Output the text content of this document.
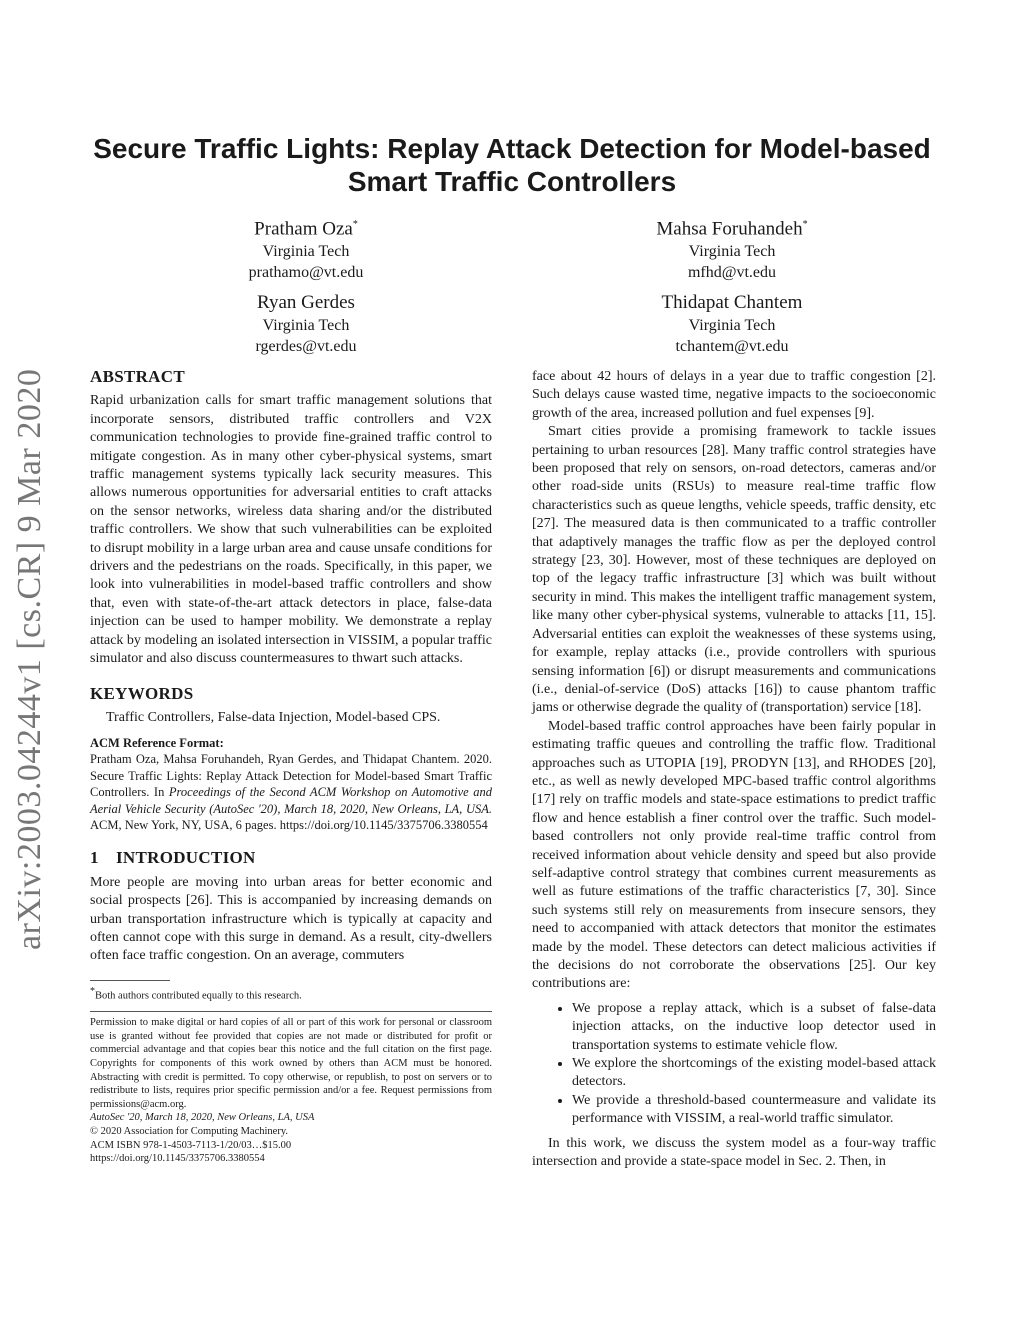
arXiv:2003.04244v1 [cs.CR] 9 Mar 2020
Secure Traffic Lights: Replay Attack Detection for Model-based
Smart Traffic Controllers
Pratham Oza*
Virginia Tech
prathamo@vt.edu
Mahsa Foruhandeh*
Virginia Tech
mfhd@vt.edu
Ryan Gerdes
Virginia Tech
rgerdes@vt.edu
Thidapat Chantem
Virginia Tech
tchantem@vt.edu
ABSTRACT

Rapid urbanization calls for smart traffic management solutions that incorporate sensors, distributed traffic controllers and V2X communication technologies to provide fine-grained traffic control to mitigate congestion. As in many other cyber-physical systems, smart traffic management systems typically lack security measures. This allows numerous opportunities for adversarial entities to craft attacks on the sensor networks, wireless data sharing and/or the distributed traffic controllers. We show that such vulnerabilities can be exploited to disrupt mobility in a large urban area and cause unsafe conditions for drivers and the pedestrians on the roads. Specifically, in this paper, we look into vulnerabilities in model-based traffic controllers and show that, even with state-of-the-art attack detectors in place, false-data injection can be used to hamper mobility. We demonstrate a replay attack by modeling an isolated intersection in VISSIM, a popular traffic simulator and also discuss countermeasures to thwart such attacks.

KEYWORDS

Traffic Controllers, False-data Injection, Model-based CPS.

ACM Reference Format:
Pratham Oza, Mahsa Foruhandeh, Ryan Gerdes, and Thidapat Chantem. 2020. Secure Traffic Lights: Replay Attack Detection for Model-based Smart Traffic Controllers. In Proceedings of the Second ACM Workshop on Automotive and Aerial Vehicle Security (AutoSec '20), March 18, 2020, New Orleans, LA, USA. ACM, New York, NY, USA, 6 pages. https://doi.org/10.1145/3375706.3380554
1 INTRODUCTION

More people are moving into urban areas for better economic and social prospects [26]. This is accompanied by increasing demands on urban transportation infrastructure which is typically at capacity and often cannot cope with this surge in demand. As a result, city-dwellers often face traffic congestion. On an average, commuters

*Both authors contributed equally to this research.
Permission to make digital or hard copies of all or part of this work for personal or classroom use is granted without fee provided that copies are not made or distributed for profit or commercial advantage and that copies bear this notice and the full citation on the first page. Copyrights for components of this work owned by others than ACM must be honored. Abstracting with credit is permitted. To copy otherwise, or republish, to post on servers or to redistribute to lists, requires prior specific permission and/or a fee. Request permissions from permissions@acm.org.
AutoSec '20, March 18, 2020, New Orleans, LA, USA
© 2020 Association for Computing Machinery.
ACM ISBN 978-1-4503-7113-1/20/03…$15.00
https://doi.org/10.1145/3375706.3380554

face about 42 hours of delays in a year due to traffic congestion [2]. Such delays cause wasted time, negative impacts to the socioeconomic growth of the area, increased pollution and fuel expenses [9].

Smart cities provide a promising framework to tackle issues pertaining to urban resources [28]. Many traffic control strategies have been proposed that rely on sensors, on-road detectors, cameras and/or other road-side units (RSUs) to measure real-time traffic flow characteristics such as queue lengths, vehicle speeds, traffic density, etc [27]. The measured data is then communicated to a traffic controller that adaptively manages the traffic flow as per the deployed control strategy [23, 30]. However, most of these techniques are deployed on top of the legacy traffic infrastructure [3] which was built without security in mind. This makes the intelligent traffic management system, like many other cyber-physical systems, vulnerable to attacks [11, 15]. Adversarial entities can exploit the weaknesses of these systems using, for example, replay attacks (i.e., provide controllers with spurious sensing information [6]) or disrupt measurements and communications (i.e., denial-of-service (DoS) attacks [16]) to cause phantom traffic jams or otherwise degrade the quality of (transportation) service [18].

Model-based traffic control approaches have been fairly popular in estimating traffic queues and controlling the traffic flow. Traditional approaches such as UTOPIA [19], PRODYN [13], and RHODES [20], etc., as well as newly developed MPC-based traffic control algorithms [17] rely on traffic models and state-space estimations to predict traffic flow and hence establish a finer control over the traffic. Such model-based controllers not only provide real-time traffic control from received information about vehicle density and speed but also provide self-adaptive control strategy that combines current measurements as well as future estimations of the traffic characteristics [7, 30]. Since such systems still rely on measurements from insecure sensors, they need to accompanied with attack detectors that monitor the estimates made by the model. These detectors can detect malicious activities if the decisions do not corroborate the observations [25]. Our key contributions are:

• We propose a replay attack, which is a subset of false-data injection attacks, on the inductive loop detector used in transportation systems to estimate vehicle flow.
• We explore the shortcomings of the existing model-based attack detectors.
• We provide a threshold-based countermeasure and validate its performance with VISSIM, a real-world traffic simulator.

In this work, we discuss the system model as a four-way traffic intersection and provide a state-space model in Sec. 2. Then, in
